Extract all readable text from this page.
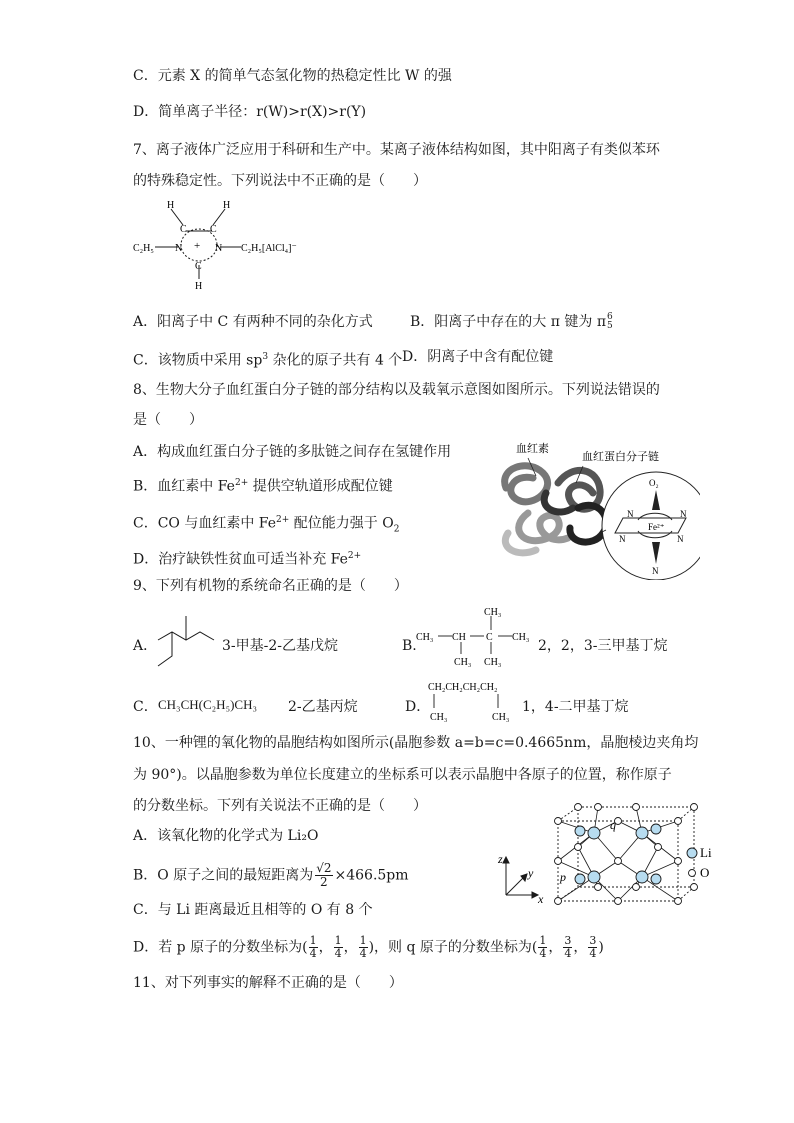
C．元素 X 的简单气态氢化物的热稳定性比 W 的强
D．简单离子半径：r(W)>r(X)>r(Y)
7、离子液体广泛应用于科研和生产中。某离子液体结构如图，其中阳离子有类似苯环
的特殊稳定性。下列说法中不正确的是（　　）
H	H
C C
+
N	N
C
H
C₂H₅	C₂H₅[AlCl₄]⁻
A．阳离子中 C 有两种不同的杂化方式	B．阳离子中存在的大 π 键为 π 6
5
C．该物质中采用 $sp^3$ 杂化的原子共有 4 个 D．阴离子中含有配位键
8、生物大分子血红蛋白分子链的部分结构以及载氧示意图如图所示。下列说法错误的
是（　　）
A．构成血红蛋白分子链的多肽链之间存在氢键作用
B．血红素中 $Fe^{2+}$ 提供空轨道形成配位键
C．CO 与血红素中 $Fe^{2+}$ 配位能力强于 $O_2$
D．治疗缺铁性贫血可适当补充 $Fe^{2+}$
血红素
血红蛋白分子链
O₂
Fe²⁺
N	N
N	N
N
9、下列有机物的系统命名正确的是（　　）
A．	3-甲基-2-乙基戊烷	B.
CH₃ CH C CH₃
CH₃
CH₃ CH₃
2，2，3-三甲基丁烷
C． CH₃CH(C₂H₅)CH₃ 2-乙基丙烷	D．
CH₂CH₂CH₂CH₂
CH₃	CH₃
1，4-二甲基丁烷
10、一种锂的氧化物的晶胞结构如图所示(晶胞参数 a=b=c=0.4665nm，晶胞棱边夹角均
为 90°)。以晶胞参数为单位长度建立的坐标系可以表示晶胞中各原子的位置，称作原子
的分数坐标。下列有关说法不正确的是（　　）
A．该氧化物的化学式为 Li₂O
B．O 原子之间的最短距离为 $\frac{√2}{2} \times 466.5pm$
C．与 Li 距离最近且相等的 O 有 8 个
D．若 p 原子的分数坐标为( $\frac{1}{4}$ ， $\frac{1}{4}$ ， $\frac{1}{4}$ )，则 q 原子的分数坐标为( $\frac{1}{4}$ ， $\frac{3}{4}$ ， $\frac{3}{4}$ )
z
y
x
q
p
Li
O
11、对下列事实的解释不正确的是（　　）
